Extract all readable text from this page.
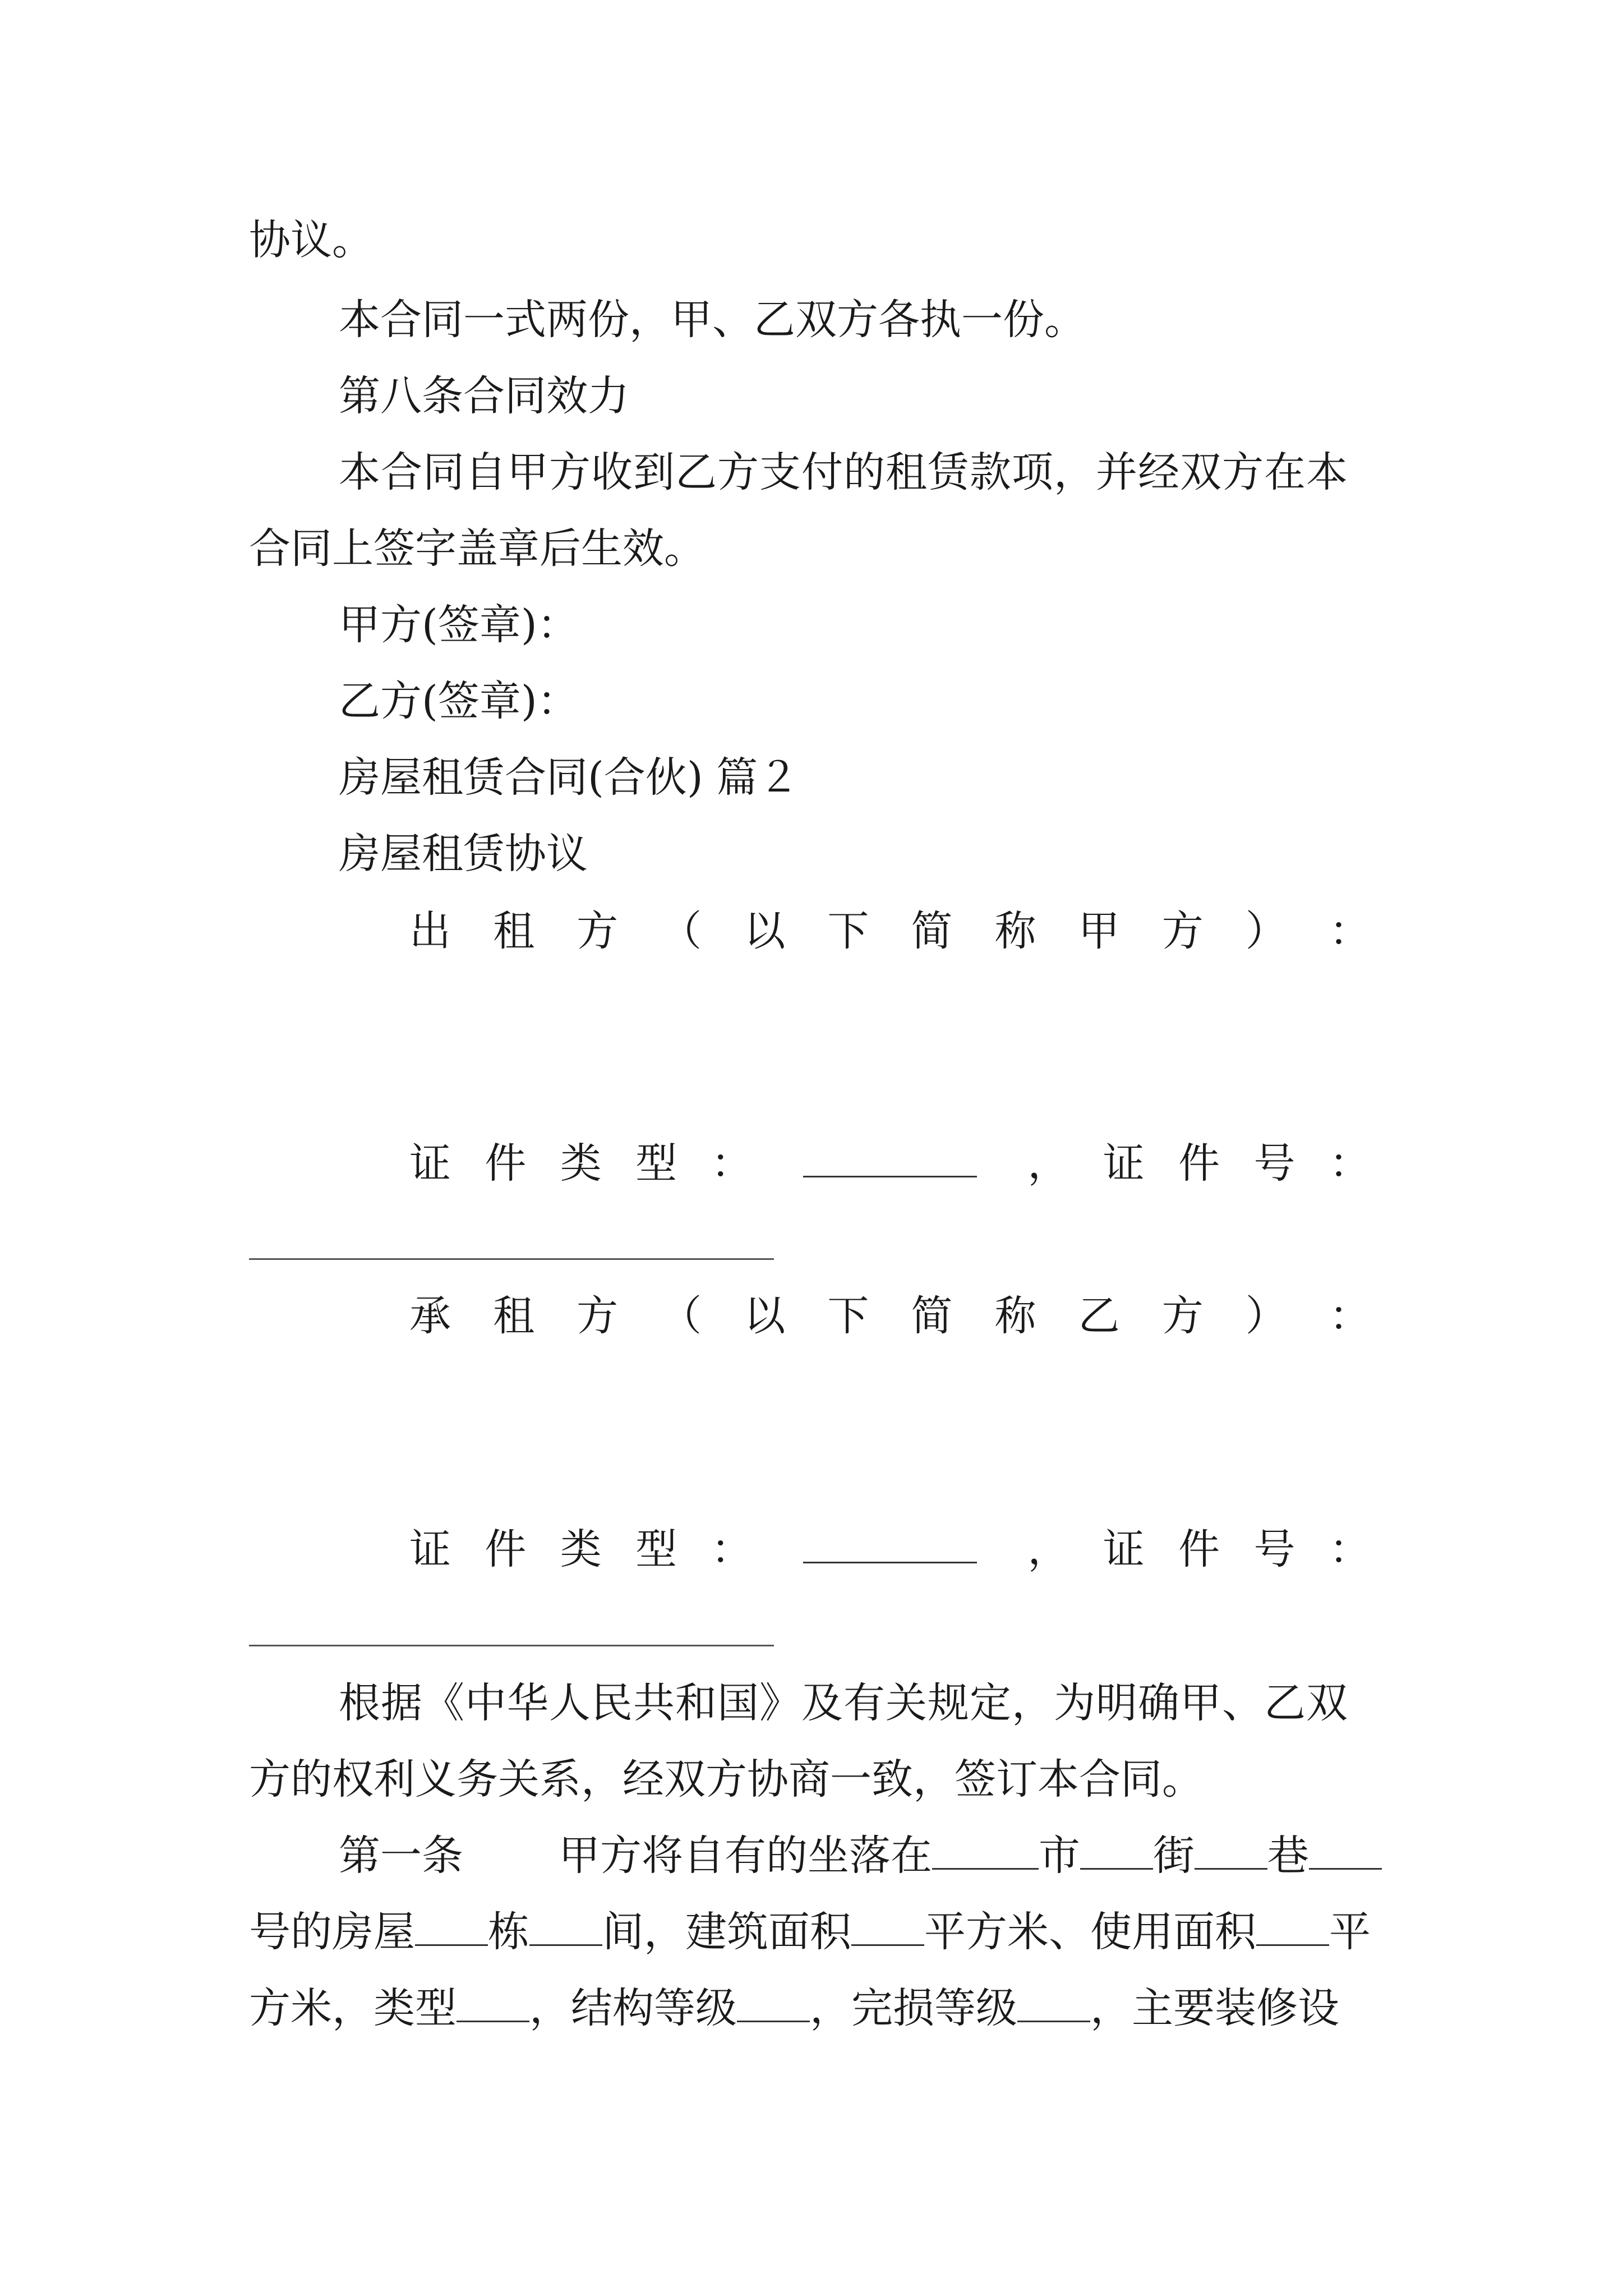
协议。
本合同一式两份，甲、乙双方各执一份。
第八条合同效力
本合同自甲方收到乙方支付的租赁款项，并经双方在本
合同上签字盖章后生效。
甲方(签章)：
乙方(签章)：
房屋租赁合同(合伙) 篇２
房屋租赁协议
出 租 方 （ 以 下 简 称 甲 方 ） ：
证 件 类 型 ：	， 证 件 号 ：
承 租 方 （ 以 下 简 称 乙 方 ） ：
证 件 类 型 ：	， 证 件 号 ：
根据《中华人民共和国》及有关规定，为明确甲、乙双
方的权利义务关系，经双方协商一致，签订本合同。
第一条 甲方将自有的坐落在	市 街 巷
号的房屋 栋 间，建筑面积 平方米、使用面积 平
方米，类型 ，结构等级 ，完损等级 ，主要装修设
